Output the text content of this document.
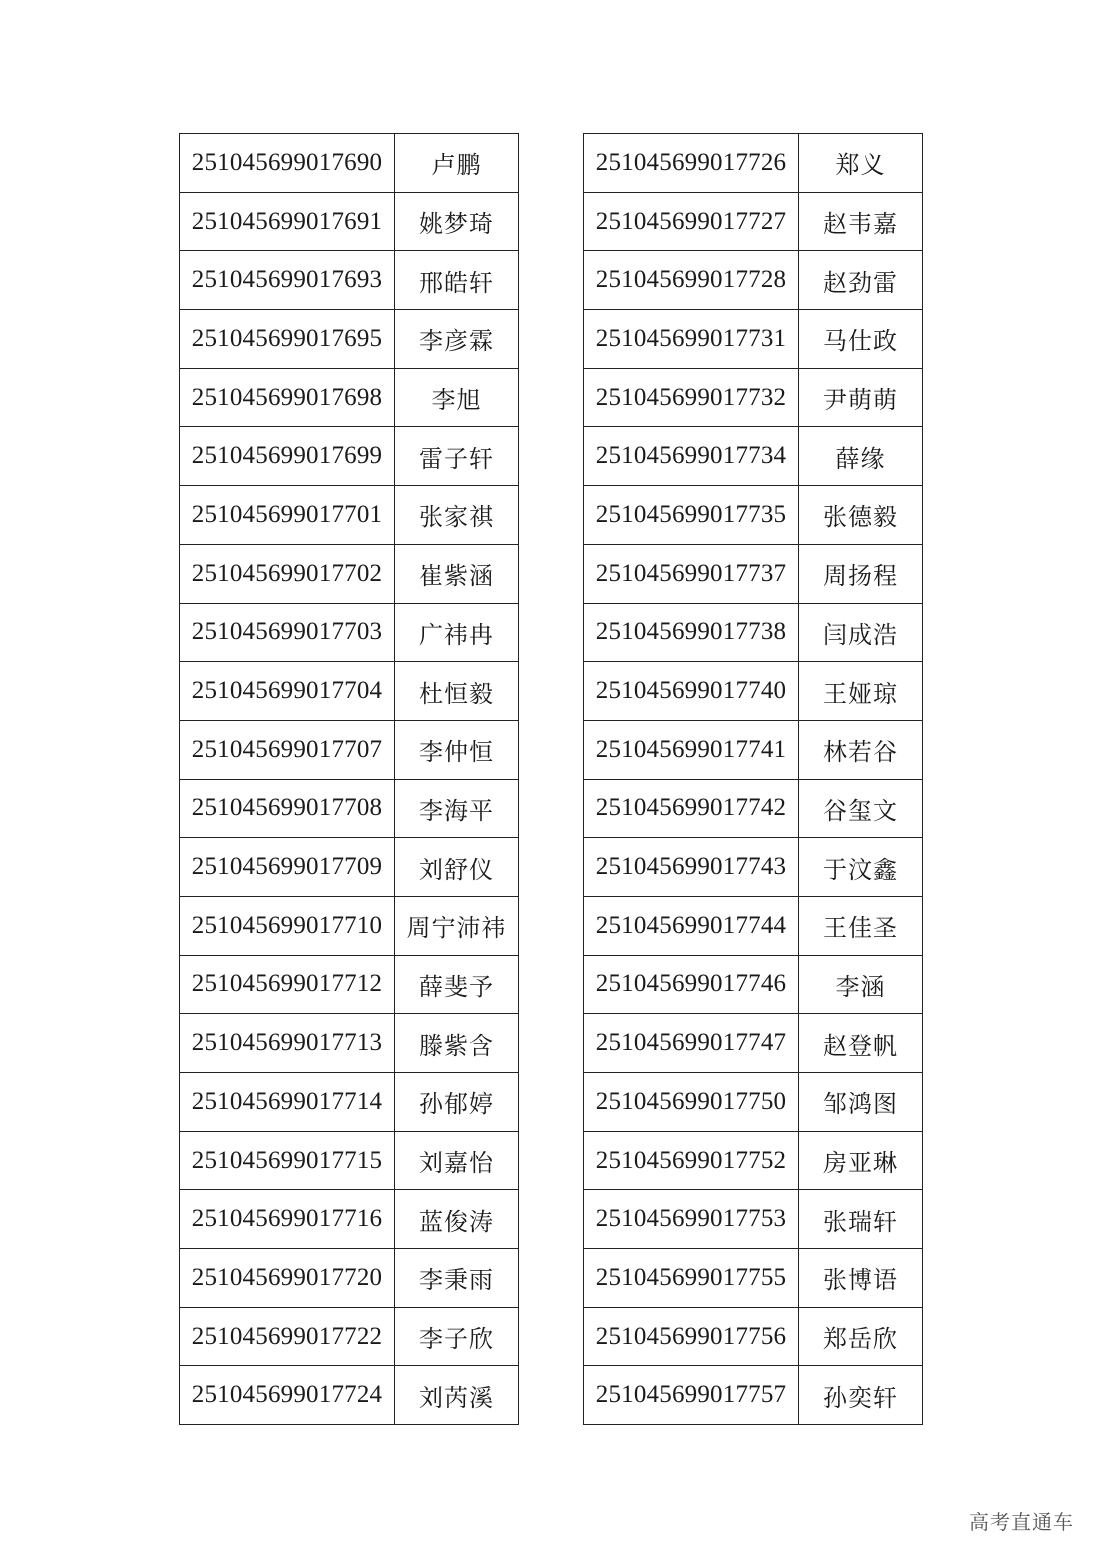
251045699017690	卢鹏
251045699017691	姚梦琦
251045699017693	邢皓轩
251045699017695	李彦霖
251045699017698	李旭
251045699017699	雷子轩
251045699017701	张家祺
251045699017702	崔紫涵
251045699017703	广祎冉
251045699017704	杜恒毅
251045699017707	李仲恒
251045699017708	李海平
251045699017709	刘舒仪
251045699017710	周宁沛祎
251045699017712	薛斐予
251045699017713	滕紫含
251045699017714	孙郁婷
251045699017715	刘嘉怡
251045699017716	蓝俊涛
251045699017720	李秉雨
251045699017722	李子欣
251045699017724	刘芮溪
251045699017726	郑义
251045699017727	赵韦嘉
251045699017728	赵劲雷
251045699017731	马仕政
251045699017732	尹萌萌
251045699017734	薛缘
251045699017735	张德毅
251045699017737	周扬程
251045699017738	闫成浩
251045699017740	王娅琼
251045699017741	林若谷
251045699017742	谷玺文
251045699017743	于汶鑫
251045699017744	王佳圣
251045699017746	李涵
251045699017747	赵登帆
251045699017750	邹鸿图
251045699017752	房亚琳
251045699017753	张瑞轩
251045699017755	张博语
251045699017756	郑岳欣
251045699017757	孙奕轩
高考直通车
